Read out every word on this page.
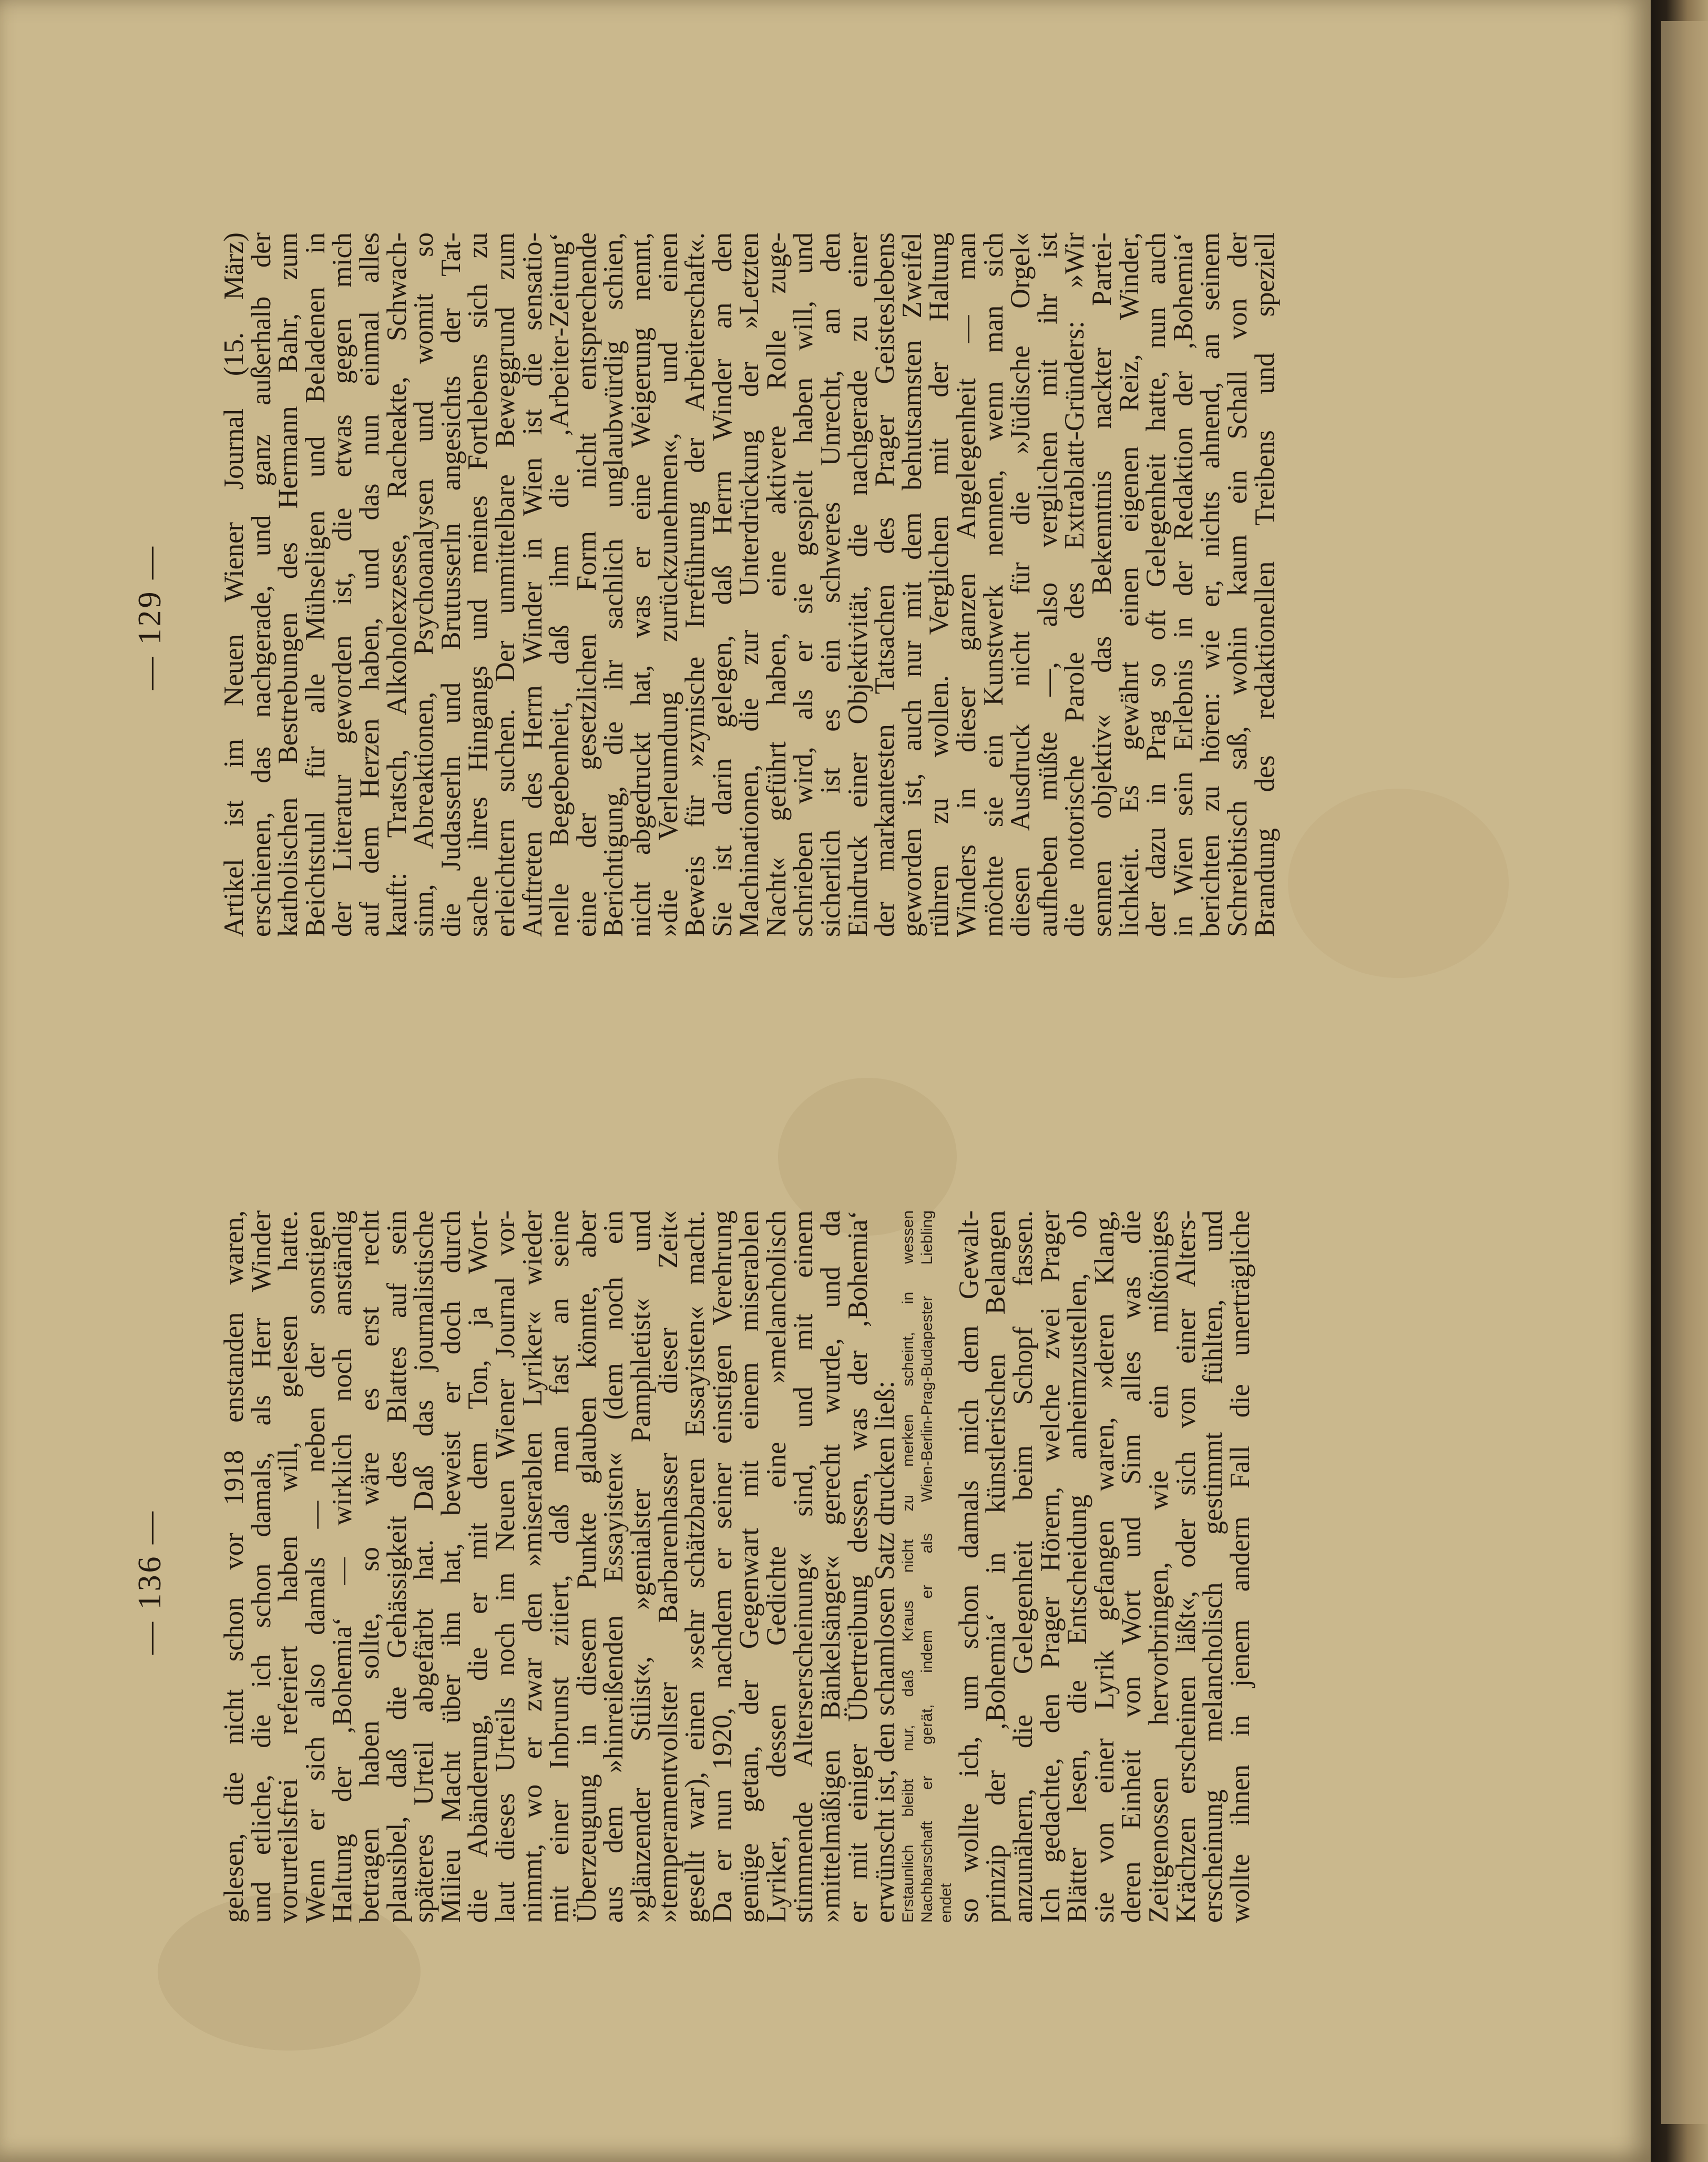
— 136 —
— 129 —

gelesen, die nicht schon vor 1918 enstanden waren,
und etliche, die ich schon damals, als Herr Winder
vorurteilsfrei referiert haben will, gelesen hatte.
Wenn er sich also damals — neben der sonstigen
Haltung der ‚Bohemia‘ — wirklich noch anständig
betragen haben sollte, so wäre es erst recht
plausibel, daß die Gehässigkeit des Blattes auf sein
späteres Urteil abgefärbt hat. Daß das journalistische
Milieu Macht über ihn hat, beweist er doch durch
die Abänderung, die er mit dem Ton, ja Wort-
laut dieses Urteils noch im Neuen Wiener Journal vor-
nimmt, wo er zwar den »miserablen Lyriker« wieder
mit einer Inbrunst zitiert, daß man fast an seine
Überzeugung in diesem Punkte glauben könnte, aber
aus dem »hinreißenden Essayisten« (dem noch ein
»glänzender Stilist«, »genialster Pamphletist« und
»temperamentvollster Barbarenhasser dieser Zeit«
gesellt war), einen »sehr schätzbaren Essayisten« macht.
Da er nun 1920, nachdem er seiner einstigen Verehrung
genüge getan, der Gegenwart mit einem miserablen
Lyriker, dessen Gedichte eine »melancholisch
stimmende Alterserscheinung« sind, und mit einem
»mittelmäßigen Bänkelsänger« gerecht wurde, und da
er mit einiger Übertreibung dessen, was der ‚Bohemia‘
erwünscht ist, den schamlosen Satz drucken ließ:

Erstaunlich bleibt nur, daß Kraus nicht zu merken scheint, in wessen Nachbarschaft er gerät, indem er als Wien-Berlin-Prag-Budapester Liebling endet

so wollte ich, um schon damals mich dem Gewalt-
prinzip der ‚Bohemia‘ in künstlerischen Belangen
anzunähern, die Gelegenheit beim Schopf fassen.
Ich gedachte, den Prager Hörern, welche zwei Prager
Blätter lesen, die Entscheidung anheimzustellen, ob
sie von einer Lyrik gefangen waren, »deren Klang,
deren Einheit von Wort und Sinn alles was die
Zeitgenossen hervorbringen, wie ein mißtöniges
Krächzen erscheinen läßt«, oder sich von einer Alters-
erscheinung melancholisch gestimmt fühlten, und
wollte ihnen in jenem andern Fall die unerträgliche

Artikel ist im Neuen Wiener Journal (15. März)
erschienen, das nachgerade, und ganz außerhalb der
katholischen Bestrebungen des Hermann Bahr, zum
Beichtstuhl für alle Mühseligen und Beladenen in
der Literatur geworden ist, die etwas gegen mich
auf dem Herzen haben, und das nun einmal alles
kauft: Tratsch, Alkoholexzesse, Racheakte, Schwach-
sinn, Abreaktionen, Psychoanalysen und womit so
die Judasserln und Brutusserln angesichts der Tat-
sache ihres Hingangs und meines Fortlebens sich zu
erleichtern suchen. Der unmittelbare Beweggrund zum
Auftreten des Herrn Winder in Wien ist die sensatio-
nelle Begebenheit, daß ihm die ‚Arbeiter-Zeitung‘
eine der gesetzlichen Form nicht entsprechende
Berichtigung, die ihr sachlich unglaubwürdig schien,
nicht abgedruckt hat, was er eine Weigerung nennt,
»die Verleumdung zurückzunehmen«, und einen
Beweis für »zynische Irreführung der Arbeiterschaft«.
Sie ist darin gelegen, daß Herrn Winder an den
Machinationen, die zur Unterdrückung der »Letzten
Nacht« geführt haben, eine aktivere Rolle zuge-
schrieben wird, als er sie gespielt haben will, und
sicherlich ist es ein schweres Unrecht, an den
Eindruck einer Objektivität, die nachgerade zu einer
der markantesten Tatsachen des Prager Geisteslebens
geworden ist, auch nur mit dem behutsamsten Zweifel
rühren zu wollen. Verglichen mit der Haltung
Winders in dieser ganzen Angelegenheit — man
möchte sie ein Kunstwerk nennen, wenn man sich
diesen Ausdruck nicht für die »Jüdische Orgel«
aufheben müßte —, also verglichen mit ihr ist
die notorische Parole des Extrablatt-Gründers: »Wir
sennen objektiv« das Bekenntnis nackter Partei-
lichkeit. Es gewährt einen eigenen Reiz, Winder,
der dazu in Prag so oft Gelegenheit hatte, nun auch
in Wien sein Erlebnis in der Redaktion der ‚Bohemia‘
berichten zu hören: wie er, nichts ahnend, an seinem
Schreibtisch saß, wohin kaum ein Schall von der
Brandung des redaktionellen Treibens und speziell
